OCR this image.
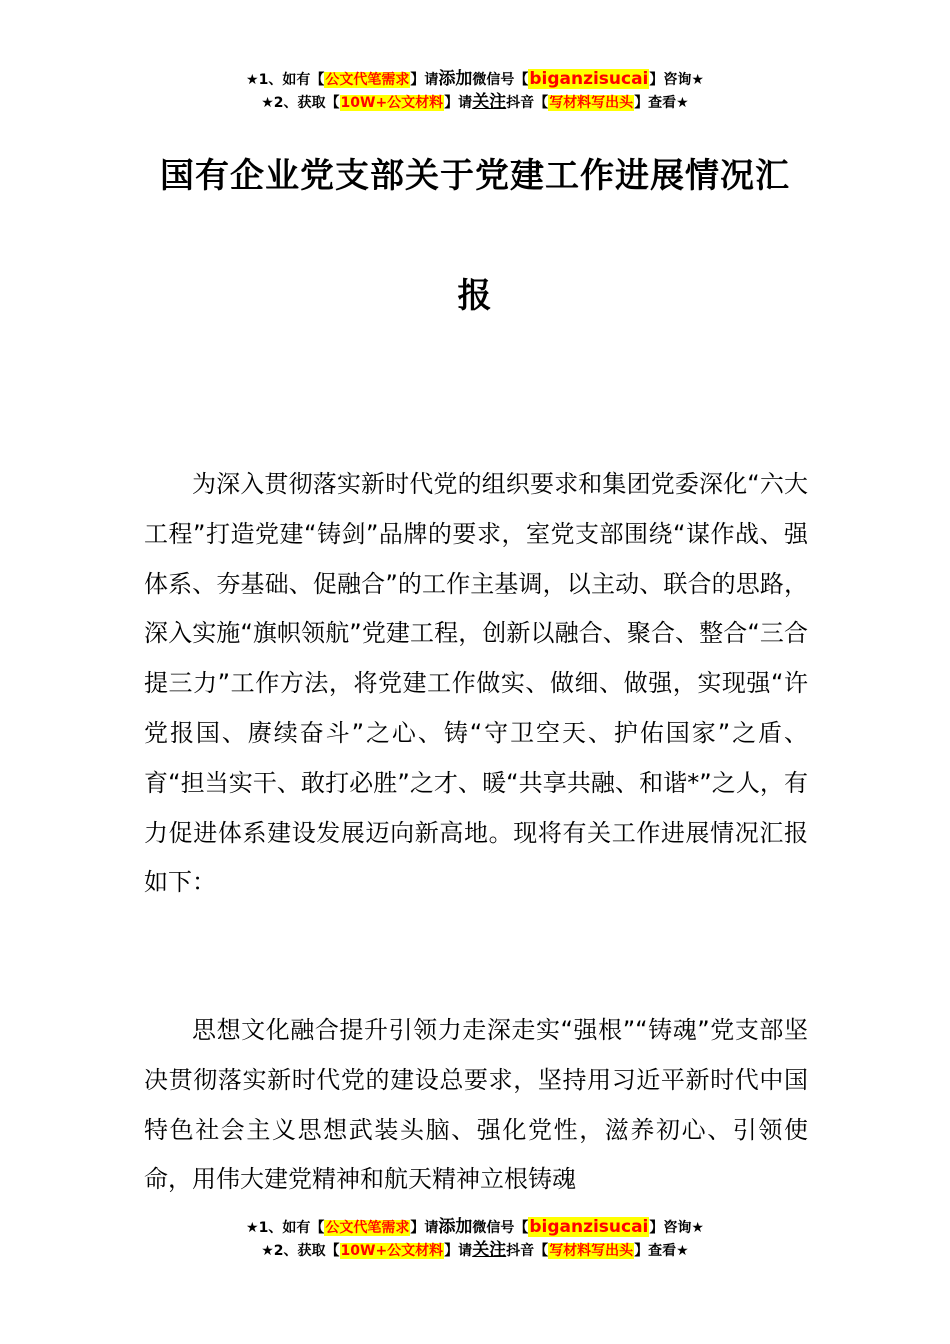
★1、如有【公文代笔需求】请添加微信号【biganzisucai】咨询★
★2、获取【10W+公文材料】请关注抖音【写材料写出头】查看★
国有企业党支部关于党建工作进展情况汇
报

为深入贯彻落实新时代党的组织要求和集团党委深化“六大工程”打造党建“铸剑”品牌的要求，室党支部围绕“谋作战、强体系、夯基础、促融合”的工作主基调，以主动、联合的思路，深入实施“旗帜领航”党建工程，创新以融合、聚合、整合“三合提三力”工作方法，将党建工作做实、做细、做强，实现强“许党报国、赓续奋斗”之心、铸“守卫空天、护佑国家”之盾、育“担当实干、敢打必胜”之才、暖“共享共融、和谐*”之人，有力促进体系建设发展迈向新高地。现将有关工作进展情况汇报如下：

思想文化融合提升引领力走深走实“强根”“铸魂”党支部坚决贯彻落实新时代党的建设总要求，坚持用习近平新时代中国特色社会主义思想武装头脑、强化党性，滋养初心、引领使命，用伟大建党精神和航天精神立根铸魂

★1、如有【公文代笔需求】请添加微信号【biganzisucai】咨询★
★2、获取【10W+公文材料】请关注抖音【写材料写出头】查看★
